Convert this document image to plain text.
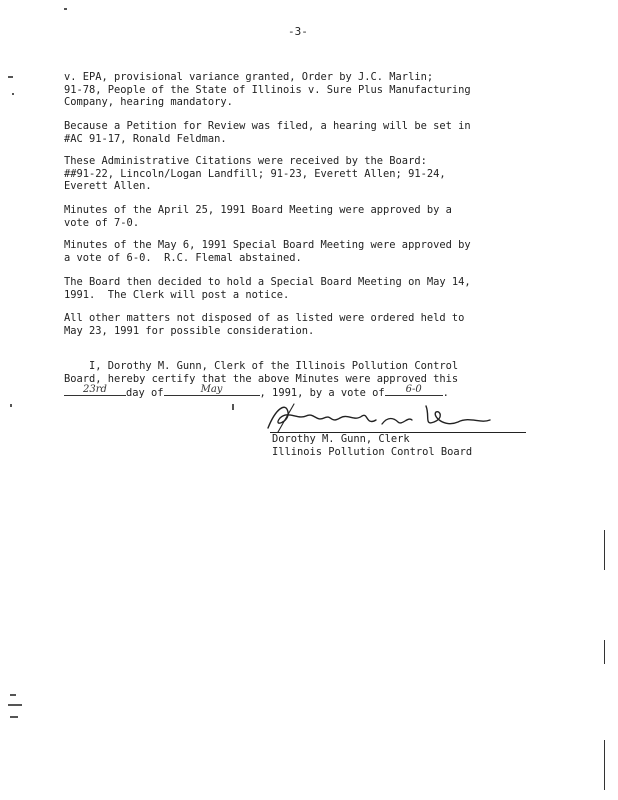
-3-
v. EPA, provisional variance granted, Order by J.C. Marlin;
91-78, People of the State of Illinois v. Sure Plus Manufacturing
Company, hearing mandatory.
Because a Petition for Review was filed, a hearing will be set in
#AC 91-17, Ronald Feldman.
These Administrative Citations were received by the Board:
##91-22, Lincoln/Logan Landfill; 91-23, Everett Allen; 91-24,
Everett Allen.
Minutes of the April 25, 1991 Board Meeting were approved by a
vote of 7-0.
Minutes of the May 6, 1991 Special Board Meeting were approved by
a vote of 6-0.  R.C. Flemal abstained.
The Board then decided to hold a Special Board Meeting on May 14,
1991.  The Clerk will post a notice.
All other matters not disposed of as listed were ordered held to
May 23, 1991 for possible consideration.
I, Dorothy M. Gunn, Clerk of the Illinois Pollution Control
Board, hereby certify that the above Minutes were approved this

23rd	day of	May	, 1991, by a vote of	6-0	.
Dorothy M. Gunn, Clerk
Illinois Pollution Control Board
